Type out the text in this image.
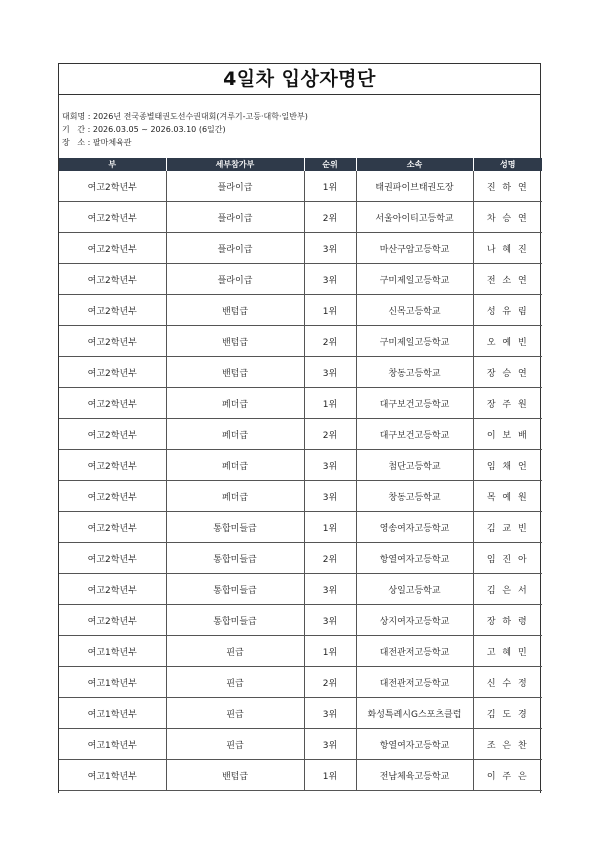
4일차 입상자명단
대회명 : 2026년 전국종별태권도선수권대회(겨루기-고등·대학·일반부)
기   간 : 2026.03.05 ~ 2026.03.10 (6일간)
장   소 : 팔마체육관
부	세부참가부	순위	소속	성명
여고2학년부	플라이급	1위	태권파이브태권도장	진 하 연
여고2학년부	플라이급	2위	서울아이티고등학교	차 승 연
여고2학년부	플라이급	3위	마산구암고등학교	나 혜 진
여고2학년부	플라이급	3위	구미제일고등학교	전 소 연
여고2학년부	밴텀급	1위	신목고등학교	성 유 림
여고2학년부	밴텀급	2위	구미제일고등학교	오 예 빈
여고2학년부	밴텀급	3위	창동고등학교	장 승 연
여고2학년부	페더급	1위	대구보건고등학교	장 주 원
여고2학년부	페더급	2위	대구보건고등학교	이 보 배
여고2학년부	페더급	3위	첨단고등학교	임 채 언
여고2학년부	페더급	3위	창동고등학교	목 예 원
여고2학년부	통합미들급	1위	영송여자고등학교	김 교 빈
여고2학년부	통합미들급	2위	항열여자고등학교	임 진 아
여고2학년부	통합미들급	3위	상일고등학교	김 은 서
여고2학년부	통합미들급	3위	상지여자고등학교	장 하 령
여고1학년부	핀급	1위	대전관저고등학교	고 혜 민
여고1학년부	핀급	2위	대전관저고등학교	신 수 정
여고1학년부	핀급	3위	화성특례시G스포츠클럽	김 도 경
여고1학년부	핀급	3위	항열여자고등학교	조 은 찬
여고1학년부	밴텀급	1위	전남체육고등학교	이 주 은
